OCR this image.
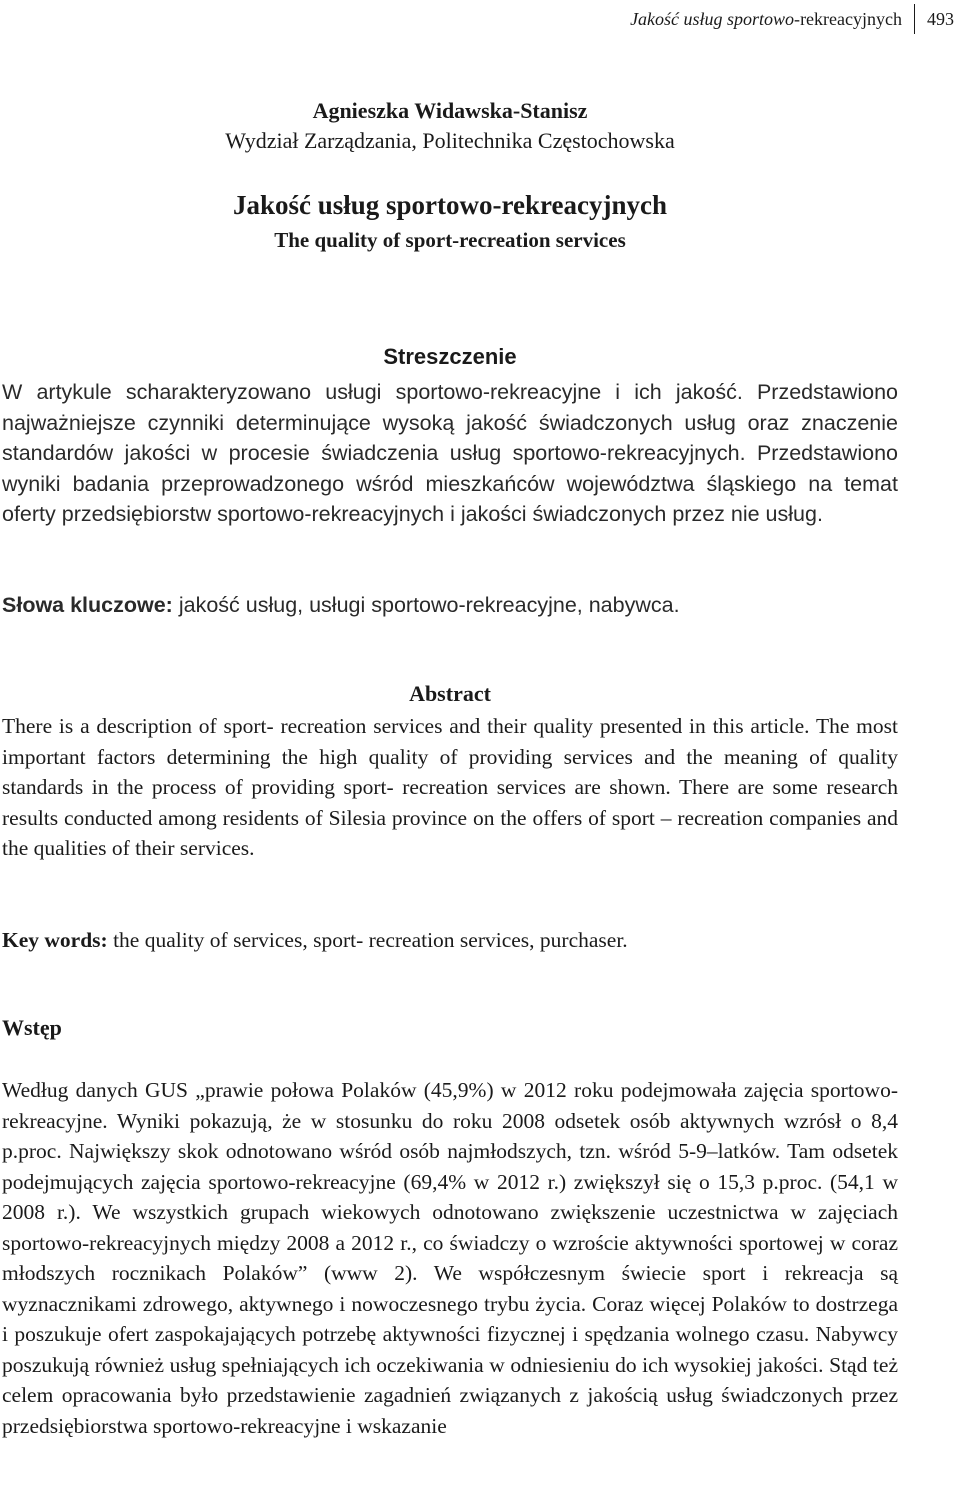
Jakość usług sportowo-rekreacyjnych	493
Agnieszka Widawska-Stanisz
Wydział Zarządzania, Politechnika Częstochowska
Jakość usług sportowo-rekreacyjnych
The quality of sport-recreation services
Streszczenie
W artykule scharakteryzowano usługi sportowo-rekreacyjne i ich jakość. Przedstawiono najważniejsze czynniki determinujące wysoką jakość świadczonych usług oraz znaczenie standardów jakości w procesie świadczenia usług sportowo-rekreacyjnych. Przedstawiono wyniki badania przeprowadzonego wśród mieszkańców województwa śląskiego na temat oferty przedsiębiorstw sportowo-rekreacyjnych i jakości świadczonych przez nie usług.
Słowa kluczowe: jakość usług, usługi sportowo-rekreacyjne, nabywca.
Abstract
There is a description of sport- recreation services and their quality presented in this article. The most important factors determining the high quality of providing services and the meaning of quality standards in the process of providing sport- recreation services are shown. There are some research results conducted among residents of Silesia province on the offers of sport – recreation companies and the qualities of their services.
Key words: the quality of services, sport- recreation services, purchaser.
Wstęp
Według danych GUS „prawie połowa Polaków (45,9%) w 2012 roku podejmowała zajęcia sportowo-rekreacyjne. Wyniki pokazują, że w stosunku do roku 2008 odsetek osób aktywnych wzrósł o 8,4 p.proc. Największy skok odnotowano wśród osób najmłodszych, tzn. wśród 5-9–latków. Tam odsetek podejmujących zajęcia sportowo-rekreacyjne (69,4% w 2012 r.) zwiększył się o 15,3 p.proc. (54,1 w 2008 r.). We wszystkich grupach wiekowych odnotowano zwiększenie uczestnictwa w zajęciach sportowo-rekreacyjnych między 2008 a 2012 r., co świadczy o wzroście aktywności sportowej w coraz młodszych rocznikach Polaków” (www 2). We współczesnym świecie sport i rekreacja są wyznacznikami zdrowego, aktywnego i nowoczesnego trybu życia. Coraz więcej Polaków to dostrzega i poszukuje ofert zaspokajających potrzebę aktywności fizycznej i spędzania wolnego czasu. Nabywcy poszukują również usług spełniających ich oczekiwania w odniesieniu do ich wysokiej jakości. Stąd też celem opracowania było przedstawienie zagadnień związanych z jakością usług świadczonych przez przedsiębiorstwa sportowo-rekreacyjne i wskazanie
